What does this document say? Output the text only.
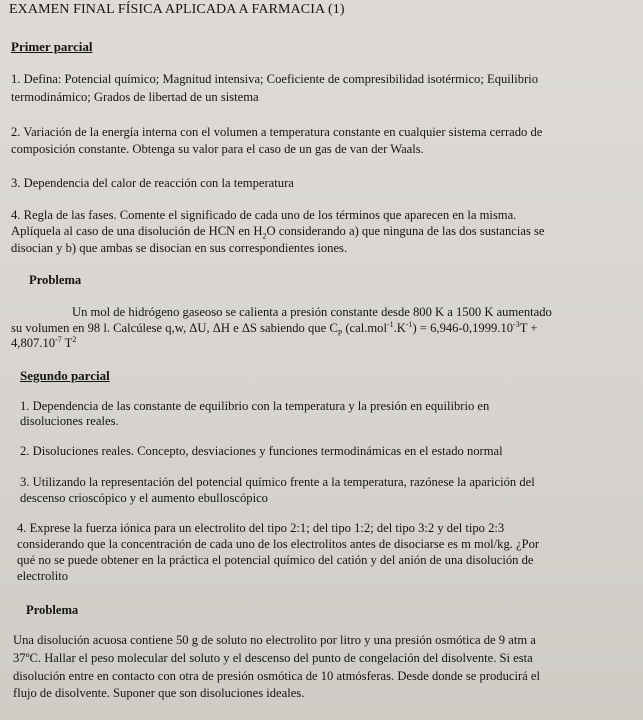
EXAMEN FINAL FÍSICA APLICADA A FARMACIA (1)
Primer parcial
1. Defina: Potencial químico; Magnitud intensiva; Coeficiente de compresibilidad isotérmico; Equilibrio
termodinámico; Grados de libertad de un sistema
2. Variación de la energía interna con el volumen a temperatura constante en cualquier sistema cerrado de
composición constante. Obtenga su valor para el caso de un gas de van der Waals.
3. Dependencia del calor de reacción con la temperatura
4. Regla de las fases. Comente el significado de cada uno de los términos que aparecen en la misma.
Aplíquela al caso de una disolución de HCN en $H_2O$ considerando a) que ninguna de las dos sustancias se
disocian y b) que ambas se disocian en sus correspondientes iones.
Problema
Un mol de hidrógeno gaseoso se calienta a presión constante desde 800 K a 1500 K aumentado
su volumen en 98 l. Calcúlese q,w, ΔU, ΔH e ΔS sabiendo que $C_P$ $(cal.mol^{-1}.K^{-1}) = 6,946-0,1999.10^{-3}T$ +
$4,807.10^{-7}$ $T^2$
Segundo parcial
1. Dependencia de las constante de equilibrio con la temperatura y la presión en equilibrio en
disoluciones reales.
2. Disoluciones reales. Concepto, desviaciones y funciones termodinámicas en el estado normal
3. Utilizando la representación del potencial químico frente a la temperatura, razónese la aparición del
descenso crioscópico y el aumento ebulloscópico
4. Exprese la fuerza iónica para un electrolito del tipo 2:1; del tipo 1:2; del tipo 3:2 y del tipo 2:3
considerando que la concentración de cada uno de los electrolitos antes de disociarse es m mol/kg. ¿Por
qué no se puede obtener en la práctica el potencial químico del catión y del anión de una disolución de
electrolito
Problema
Una disolución acuosa contiene 50 g de soluto no electrolito por litro y una presión osmótica de 9 atm a
37ºC. Hallar el peso molecular del soluto y el descenso del punto de congelación del disolvente. Si esta
disolución entre en contacto con otra de presión osmótica de 10 atmósferas. Desde donde se producirá el
flujo de disolvente. Suponer que son disoluciones ideales.
